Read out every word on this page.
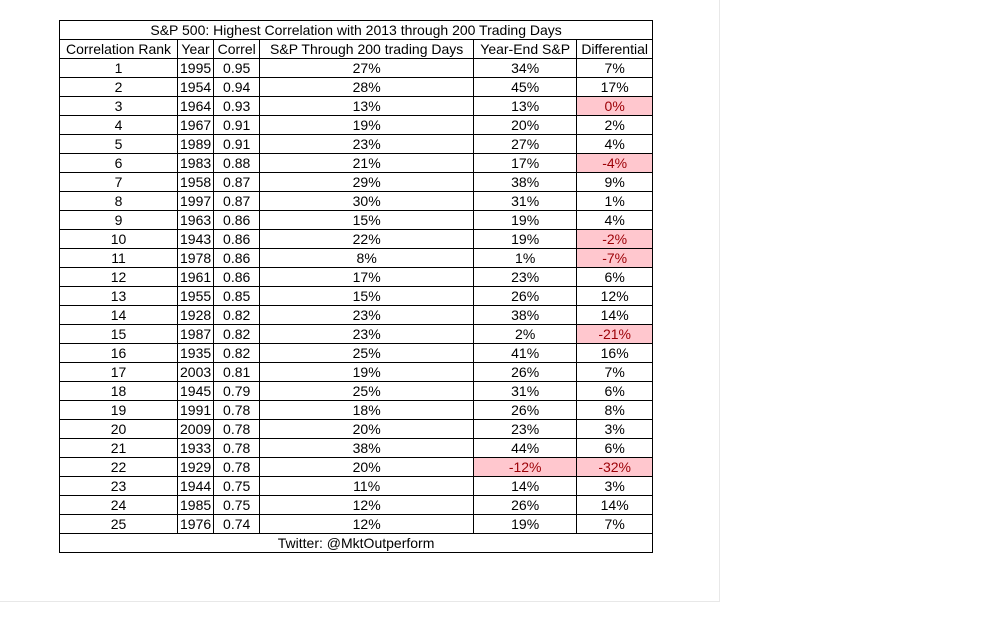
S&P 500: Highest Correlation with 2013 through 200 Trading Days					
Correlation Rank	Year	Correl	S&P Through 200 trading Days	Year-End S&P	Differential
1	1995	0.95	27%	34%	7%
2	1954	0.94	28%	45%	17%
3	1964	0.93	13%	13%	0%
4	1967	0.91	19%	20%	2%
5	1989	0.91	23%	27%	4%
6	1983	0.88	21%	17%	-4%
7	1958	0.87	29%	38%	9%
8	1997	0.87	30%	31%	1%
9	1963	0.86	15%	19%	4%
10	1943	0.86	22%	19%	-2%
11	1978	0.86	8%	1%	-7%
12	1961	0.86	17%	23%	6%
13	1955	0.85	15%	26%	12%
14	1928	0.82	23%	38%	14%
15	1987	0.82	23%	2%	-21%
16	1935	0.82	25%	41%	16%
17	2003	0.81	19%	26%	7%
18	1945	0.79	25%	31%	6%
19	1991	0.78	18%	26%	8%
20	2009	0.78	20%	23%	3%
21	1933	0.78	38%	44%	6%
22	1929	0.78	20%	-12%	-32%
23	1944	0.75	11%	14%	3%
24	1985	0.75	12%	26%	14%
25	1976	0.74	12%	19%	7%
Twitter: @MktOutperform					
